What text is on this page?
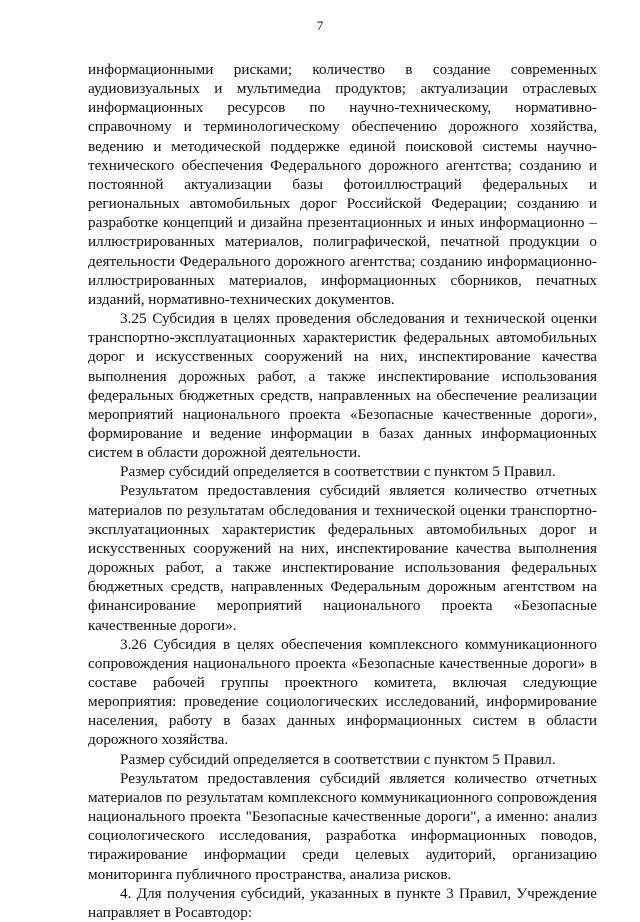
7

информационными рисками; количество в создание современных аудиовизуальных и мультимедиа продуктов; актуализации отраслевых информационных ресурсов по научно-техническому, нормативно-справочному и терминологическому обеспечению дорожного хозяйства, ведению и методической поддержке единой поисковой системы научно-технического обеспечения Федерального дорожного агентства; созданию и постоянной актуализации базы фотоиллюстраций федеральных и региональных автомобильных дорог Российской Федерации; созданию и разработке концепций и дизайна презентационных и иных информационно – иллюстрированных материалов, полиграфической, печатной продукции о деятельности Федерального дорожного агентства; созданию информационно-иллюстрированных материалов, информационных сборников, печатных изданий, нормативно-технических документов.

3.25 Субсидия в целях проведения обследования и технической оценки транспортно-эксплуатационных характеристик федеральных автомобильных дорог и искусственных сооружений на них, инспектирование качества выполнения дорожных работ, а также инспектирование использования федеральных бюджетных средств, направленных на обеспечение реализации мероприятий национального проекта «Безопасные качественные дороги», формирование и ведение информации в базах данных информационных систем в области дорожной деятельности.

Размер субсидий определяется в соответствии с пунктом 5 Правил.

Результатом предоставления субсидий является количество отчетных материалов по результатам обследования и технической оценки транспортно-эксплуатационных характеристик федеральных автомобильных дорог и искусственных сооружений на них, инспектирование качества выполнения дорожных работ, а также инспектирование использования федеральных бюджетных средств, направленных Федеральным дорожным агентством на финансирование мероприятий национального проекта «Безопасные качественные дороги».

3.26 Субсидия в целях обеспечения комплексного коммуникационного сопровождения национального проекта «Безопасные качественные дороги» в составе рабочей группы проектного комитета, включая следующие мероприятия: проведение социологических исследований, информирование населения, работу в базах данных информационных систем в области дорожного хозяйства.

Размер субсидий определяется в соответствии с пунктом 5 Правил.

Результатом предоставления субсидий является количество отчетных материалов по результатам комплексного коммуникационного сопровождения национального проекта "Безопасные качественные дороги", а именно: анализ социологического исследования, разработка информационных поводов, тиражирование информации среди целевых аудиторий, организацию мониторинга публичного пространства, анализа рисков.

4. Для получения субсидий, указанных в пункте 3 Правил, Учреждение направляет в Росавтодор:
